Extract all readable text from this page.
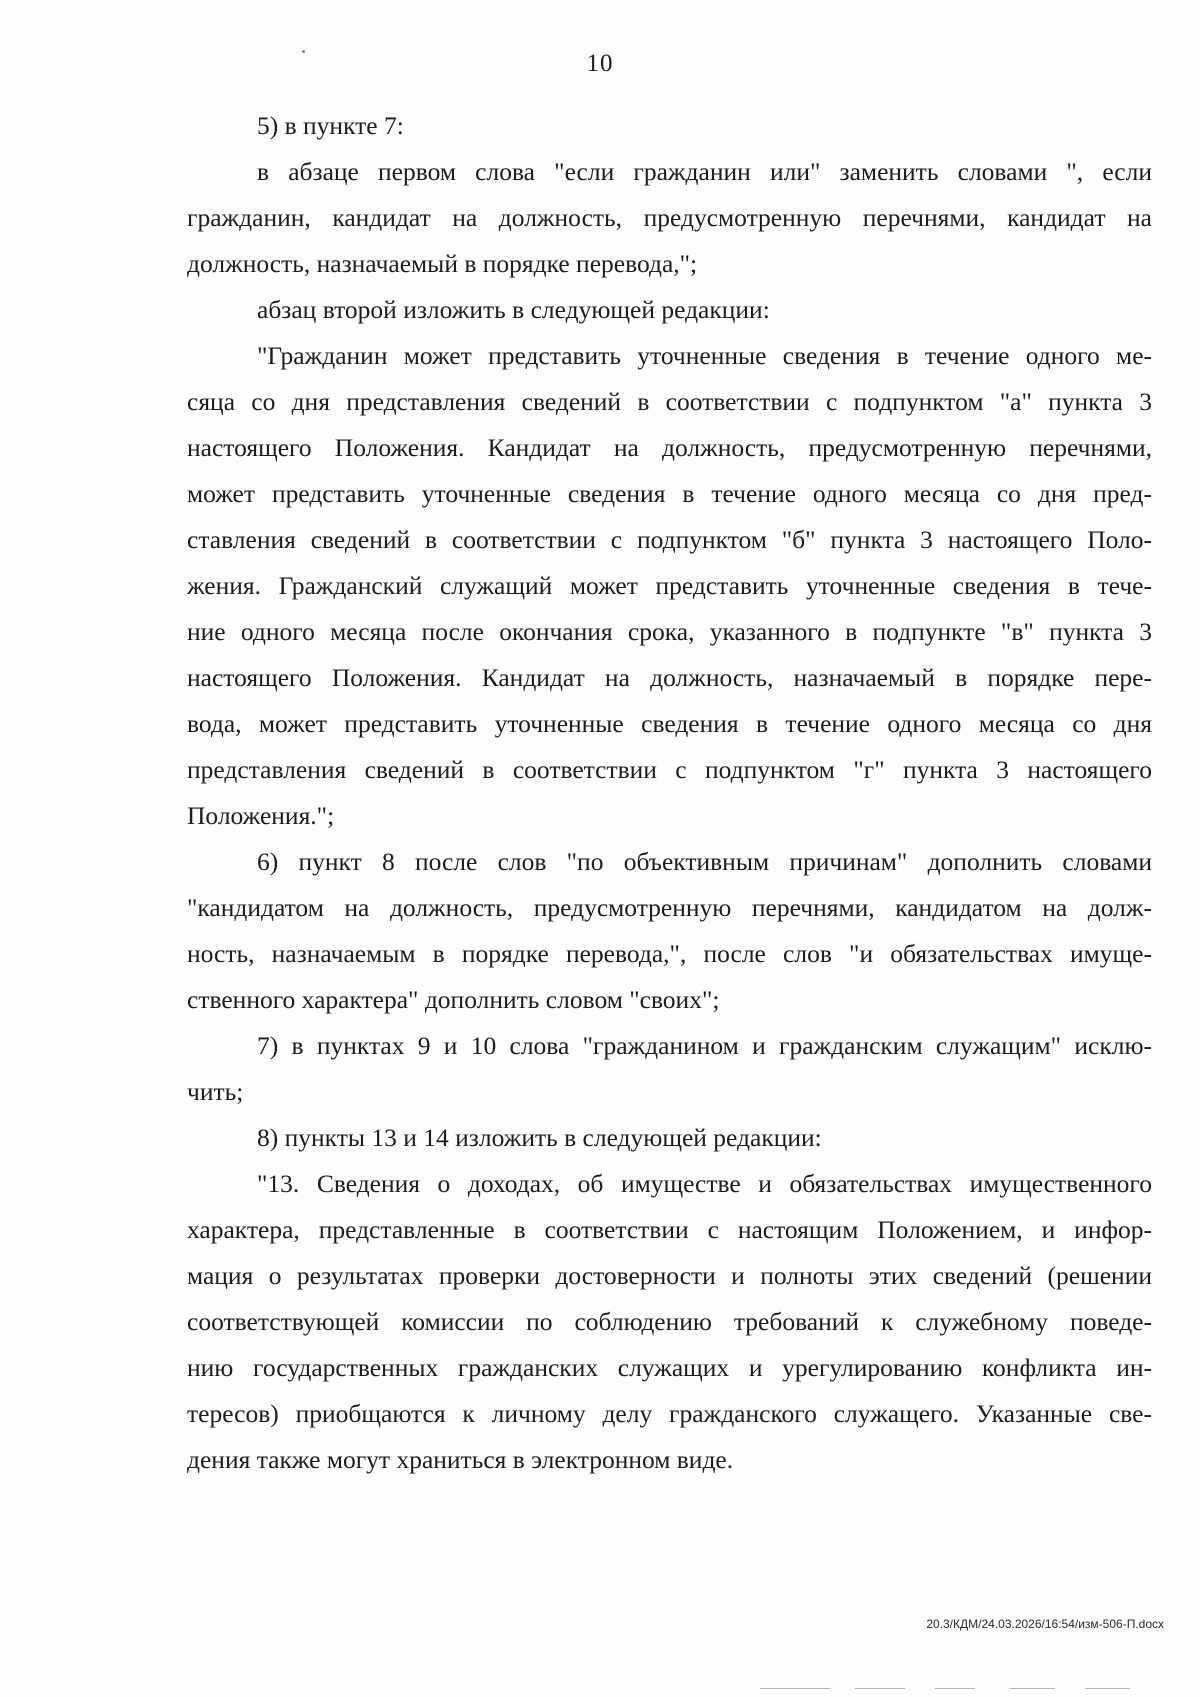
10
5) в пункте 7:
в абзаце первом слова "если гражданин или" заменить словами ", если
гражданин, кандидат на должность, предусмотренную перечнями, кандидат на
должность, назначаемый в порядке перевода,";
абзац второй изложить в следующей редакции:
"Гражданин может представить уточненные сведения в течение одного ме-
сяца со дня представления сведений в соответствии с подпунктом "а" пункта 3
настоящего Положения. Кандидат на должность, предусмотренную перечнями,
может представить уточненные сведения в течение одного месяца со дня пред-
ставления сведений в соответствии с подпунктом "б" пункта 3 настоящего Поло-
жения. Гражданский служащий может представить уточненные сведения в тече-
ние одного месяца после окончания срока, указанного в подпункте "в" пункта 3
настоящего Положения. Кандидат на должность, назначаемый в порядке пере-
вода, может представить уточненные сведения в течение одного месяца со дня
представления сведений в соответствии с подпунктом "г" пункта 3 настоящего
Положения.";
6) пункт 8 после слов "по объективным причинам" дополнить словами
"кандидатом на должность, предусмотренную перечнями, кандидатом на долж-
ность, назначаемым в порядке перевода,", после слов "и обязательствах имуще-
ственного характера" дополнить словом "своих";
7) в пунктах 9 и 10 слова "гражданином и гражданским служащим" исклю-
чить;
8) пункты 13 и 14 изложить в следующей редакции:
"13. Сведения о доходах, об имуществе и обязательствах имущественного
характера, представленные в соответствии с настоящим Положением, и инфор-
мация о результатах проверки достоверности и полноты этих сведений (решении
соответствующей комиссии по соблюдению требований к служебному поведе-
нию государственных гражданских служащих и урегулированию конфликта ин-
тересов) приобщаются к личному делу гражданского служащего. Указанные све-
дения также могут храниться в электронном виде.
20.3/КДМ/24.03.2026/16:54/изм-506-П.docx
